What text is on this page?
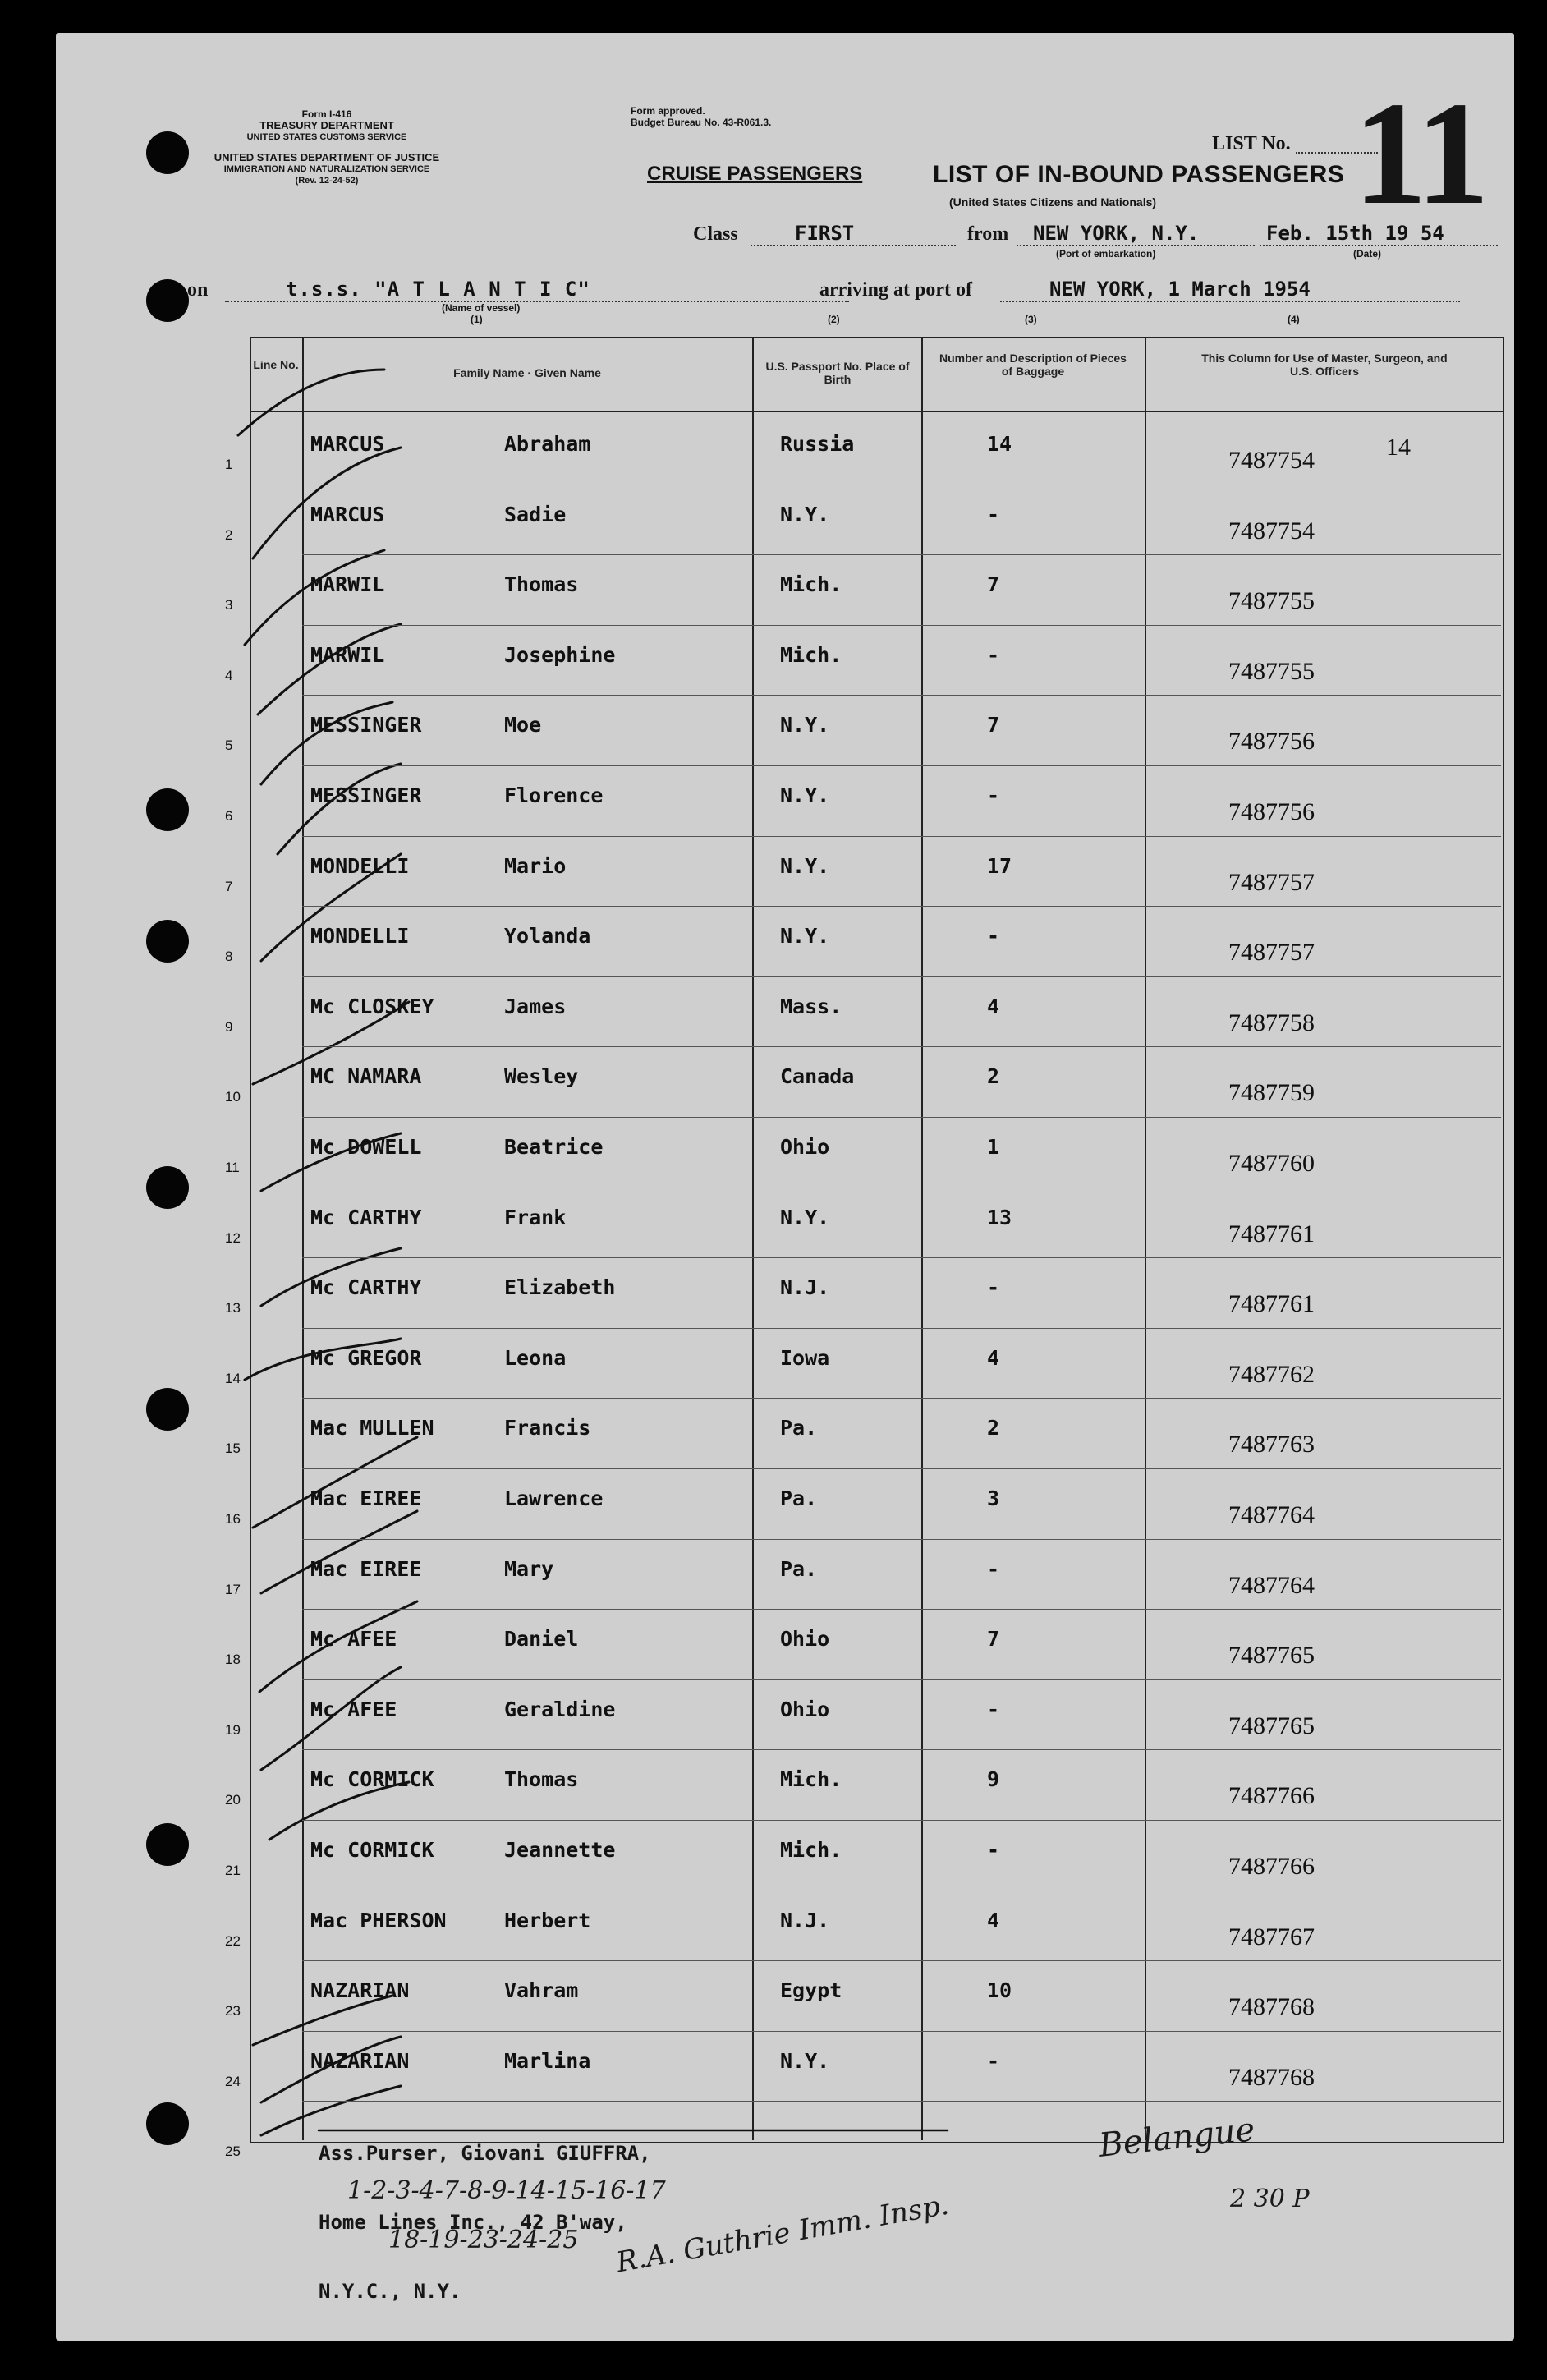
Form I-416
TREASURY DEPARTMENT
UNITED STATES CUSTOMS SERVICE
UNITED STATES DEPARTMENT OF JUSTICE
IMMIGRATION AND NATURALIZATION SERVICE
(Rev. 12-24-52)
Form approved.
Budget Bureau No. 43-R061.3.
CRUISE PASSENGERS	LIST OF IN-BOUND PASSENGERS
(United States Citizens and Nationals)
LIST No. 11
Class	FIRST	from NEW YORK, N.Y.
(Port of embarkation)
Feb. 15th 19 54
(Date)
on	t.s.s. "A T L A N T I C"
(Name of vessel)
(1)
arriving at port of	NEW YORK, 1 March 1954
(2)	(3)	(4)
Line No.
Family Name · Given Name	U.S. Passport No. Place of Birth
Number and Description of Pieces of Baggage
This Column for Use of Master, Surgeon, and U.S. Officers
1
MARCUS	Abraham	Russia	14
7487754	14
2
MARCUS	Sadie	N.Y.	-
7487754
3
MARWIL	Thomas	Mich.	7
7487755
4
MARWIL	Josephine	Mich.	-
7487755
5
MESSINGER	Moe	N.Y.	7
7487756
6
MESSINGER	Florence	N.Y.	-
7487756
7
MONDELLI	Mario	N.Y.	17
7487757
8
MONDELLI	Yolanda	N.Y.	-
7487757
9
Mc CLOSKEY	James	Mass.	4
7487758
10
MC NAMARA	Wesley	Canada	2
7487759
11
Mc DOWELL	Beatrice	Ohio	1
7487760
12
Mc CARTHY	Frank	N.Y.	13
7487761
13
Mc CARTHY	Elizabeth	N.J.	-
7487761
14
Mc GREGOR	Leona	Iowa	4
7487762
15
Mac MULLEN	Francis	Pa.	2
7487763
16
Mac EIREE	Lawrence	Pa.	3
7487764
17
Mac EIREE	Mary	Pa.	-
7487764
18
Mc AFEE	Daniel	Ohio	7
7487765
19
Mc AFEE	Geraldine	Ohio	-
7487765
20
Mc CORMICK	Thomas	Mich.	9
7487766
21
Mc CORMICK	Jeannette	Mich.	-
7487766
22
Mac PHERSON	Herbert	N.J.	4
7487767
23
NAZARIAN	Vahram	Egypt	10
7487768
24
NAZARIAN	Marlina	N.Y.	-
7487768
25

	Ass.Purser, Giovani GIUFFRA,

Home Lines Inc., 42 B'way,

N.Y.C., N.Y.

1-2-3-4-7-8-9-14-15-16-17
18-19-23-24-25 R.A. Guthrie Imm. Insp.
Belangue
2 30 P
